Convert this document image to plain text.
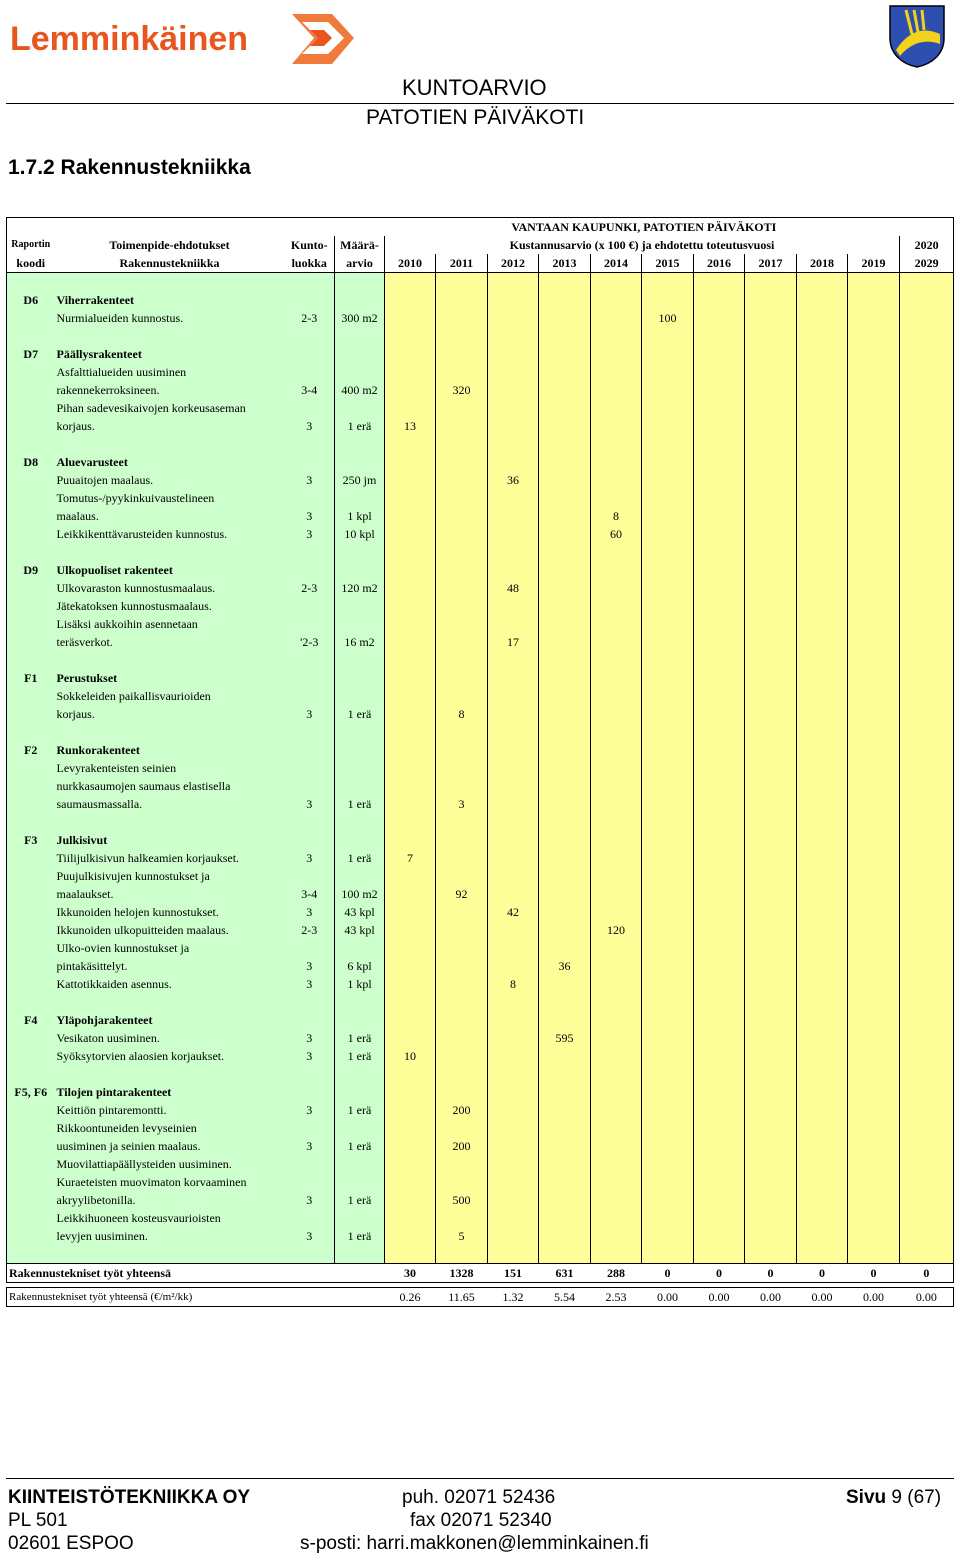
Lemminkäinen
KUNTOARVIO
PATOTIEN PÄIVÄKOTI
1.7.2 Rakennustekniikka
			VANTAAN KAUPUNKI, PATOTIEN PÄIVÄKOTI											
Raportin	Toimenpide-ehdotukset	Kunto-	Määrä-	Kustannusarvio (x 100 €) ja ehdotettu toteutusvuosi										2020
koodi	Rakennustekniikka	luokka	arvio	2010	2011	2012	2013	2014	2015	2016	2017	2018	2019	2029

D6	Viherrakenteet													
	Nurmialueiden kunnostus.	2-3	300 m2						100					

D7	Päällysrakenteet													
	Asfalttialueiden uusiminen													
	rakennekerroksineen.	3-4	400 m2		320									
	Pihan sadevesikaivojen korkeusaseman													
	korjaus.	3	1 erä	13										

D8	Aluevarusteet													
	Puuaitojen maalaus.	3	250 jm			36								
	Tomutus-/pyykinkuivaustelineen													
	maalaus.	3	1 kpl					8						
	Leikkikenttävarusteiden kunnostus.	3	10 kpl					60						

D9	Ulkopuoliset rakenteet													
	Ulkovaraston kunnostusmaalaus.	2-3	120 m2			48								
	Jätekatoksen kunnostusmaalaus.													
	Lisäksi aukkoihin asennetaan													
	teräsverkot.	'2-3	16 m2			17								

F1	Perustukset													
	Sokkeleiden paikallisvaurioiden													
	korjaus.	3	1 erä		8									

F2	Runkorakenteet													
	Levyrakenteisten seinien													
	nurkkasaumojen saumaus elastisella													
	saumausmassalla.	3	1 erä		3									

F3	Julkisivut													
	Tiilijulkisivun halkeamien korjaukset.	3	1 erä	7										
	Puujulkisivujen kunnostukset ja													
	maalaukset.	3-4	100 m2		92									
	Ikkunoiden helojen kunnostukset.	3	43 kpl			42								
	Ikkunoiden ulkopuitteiden maalaus.	2-3	43 kpl					120						
	Ulko-ovien kunnostukset ja													
	pintakäsittelyt.	3	6 kpl				36							
	Kattotikkaiden asennus.	3	1 kpl			8								

F4	Yläpohjarakenteet													
	Vesikaton uusiminen.	3	1 erä				595							
	Syöksytorvien alaosien korjaukset.	3	1 erä	10										

F5, F6	Tilojen pintarakenteet													
	Keittiön pintaremontti.	3	1 erä		200									
	Rikkoontuneiden levyseinien													
	uusiminen ja seinien maalaus.	3	1 erä		200									
	Muovilattiapäällysteiden uusiminen.													
	Kuraeteisten muovimaton korvaaminen													
	akryylibetonilla.	3	1 erä		500									
	Leikkihuoneen kosteusvaurioisten													
	levyjen uusiminen.	3	1 erä		5									

Rakennustekniset työt yhteensä				30	1328	151	631	288	0	0	0	0	0	0

Rakennustekniset työt yhteensä (€/m²/kk)				0.26	11.65	1.32	5.54	2.53	0.00	0.00	0.00	0.00	0.00	0.00
KIINTEISTÖTEKNIIKKA OY
PL 501
02601 ESPOO
puh. 02071 52436
fax 02071 52340
s-posti: harri.makkonen@lemminkainen.fi
Sivu 9 (67)
